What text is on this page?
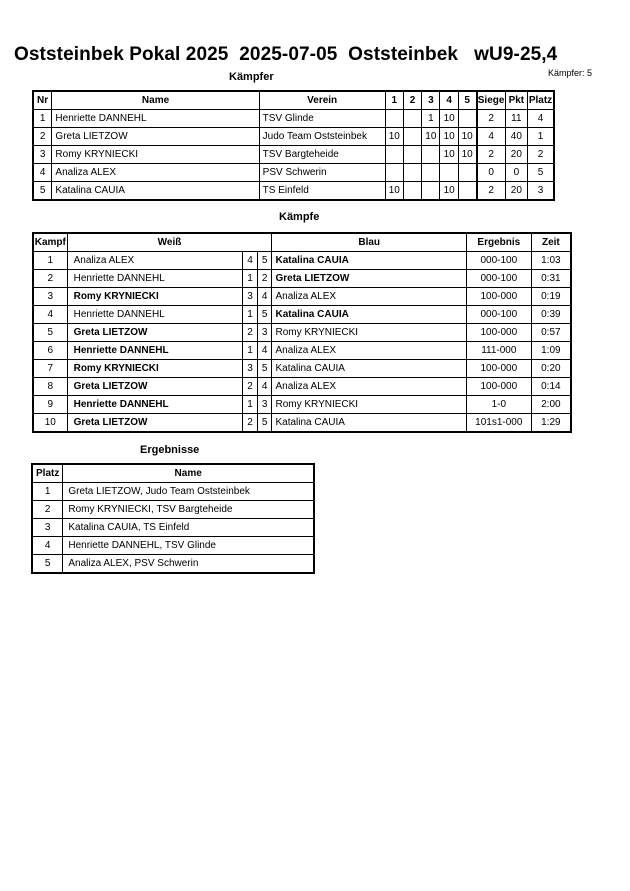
Oststeinbek Pokal 2025  2025-07-05  Oststeinbek   wU9-25,4
Kämpfer: 5
Kämpfer
Nr	Name	Verein	1	2	3	4	5	Siege	Pkt	Platz
1	Henriette DANNEHL	TSV Glinde			1	10		2	11	4
2	Greta LIETZOW	Judo Team Oststeinbek	10		10	10	10	4	40	1
3	Romy KRYNIECKI	TSV Bargteheide				10	10	2	20	2
4	Analiza ALEX	PSV Schwerin						0	0	5
5	Katalina CAUIA	TS Einfeld	10			10		2	20	3
Kämpfe
Kampf	Weiß			Blau	Ergebnis	Zeit
1	Analiza ALEX	4	5	Katalina CAUIA	000-100	1:03
2	Henriette DANNEHL	1	2	Greta LIETZOW	000-100	0:31
3	Romy KRYNIECKI	3	4	Analiza ALEX	100-000	0:19
4	Henriette DANNEHL	1	5	Katalina CAUIA	000-100	0:39
5	Greta LIETZOW	2	3	Romy KRYNIECKI	100-000	0:57
6	Henriette DANNEHL	1	4	Analiza ALEX	111-000	1:09
7	Romy KRYNIECKI	3	5	Katalina CAUIA	100-000	0:20
8	Greta LIETZOW	2	4	Analiza ALEX	100-000	0:14
9	Henriette DANNEHL	1	3	Romy KRYNIECKI	1-0	2:00
10	Greta LIETZOW	2	5	Katalina CAUIA	101s1-000	1:29
Ergebnisse
Platz	Name
1	Greta LIETZOW, Judo Team Oststeinbek
2	Romy KRYNIECKI, TSV Bargteheide
3	Katalina CAUIA, TS Einfeld
4	Henriette DANNEHL, TSV Glinde
5	Analiza ALEX, PSV Schwerin
